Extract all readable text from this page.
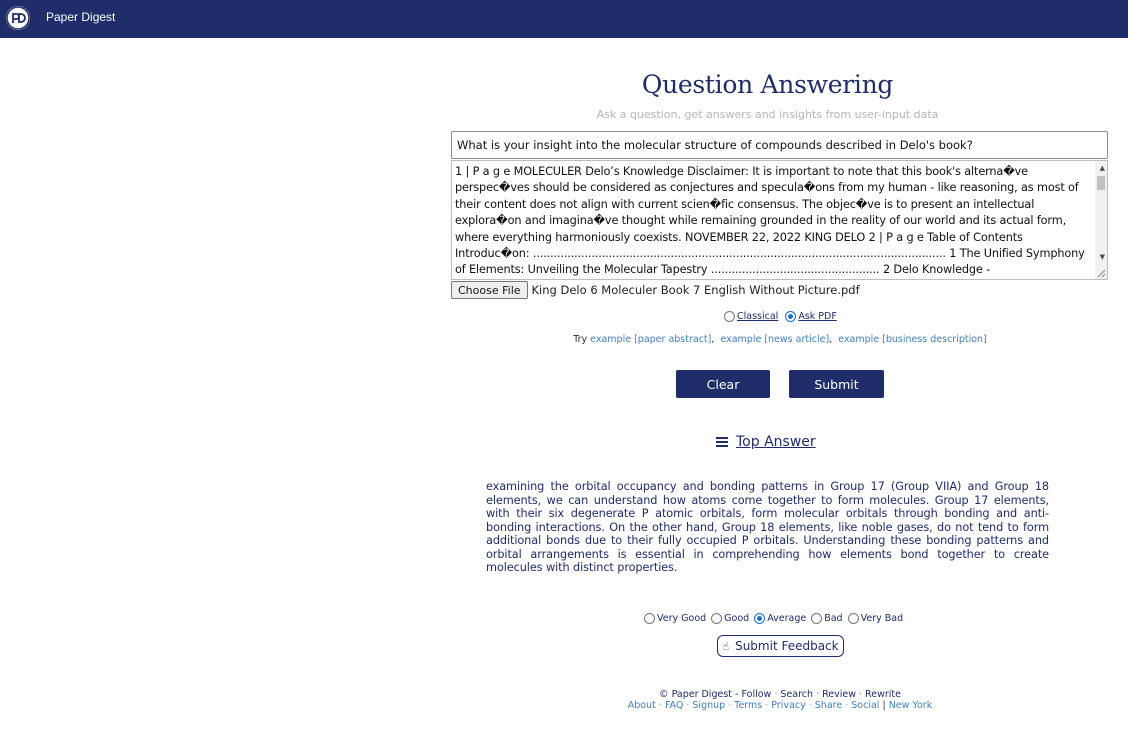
Paper Digest
Question Answering
Ask a question, get answers and insights from user-input data
What is your insight into the molecular structure of compounds described in Delo's book?
1 | P a g e MOLECULER Delo’s Knowledge Disclaimer: It is important to note that this book's alterna�ve perspec�ves should be considered as conjectures and specula�ons from my human - like reasoning, as most of their content does not align with current scien�fic consensus. The objec�ve is to present an intellectual explora�on and imagina�ve thought while remaining grounded in the reality of our world and its actual form, where everything harmoniously coexists. NOVEMBER 22, 2022 KING DELO 2 | P a g e Table of Contents Introduc�on: ........................................................................................................................ 1 The Unified Symphony of Elements: Unveiling the Molecular Tapestry ................................................. 2 Delo Knowledge -
▲
▼
Choose File King Delo 6 Moleculer Book 7 English Without Picture.pdf
Classical Ask PDF
Try example [paper abstract],  example [news article],  example [business description]
Clear	Submit
Top Answer
examining the orbital occupancy and bonding patterns in Group 17 (Group VIIA) and Group 18 elements, we can understand how atoms come together to form molecules. Group 17 elements, with their six degenerate P atomic orbitals, form molecular orbitals through bonding and anti-bonding interactions. On the other hand, Group 18 elements, like noble gases, do not tend to form additional bonds due to their fully occupied P orbitals. Understanding these bonding patterns and orbital arrangements is essential in comprehending how elements bond together to create molecules with distinct properties.
Very Good Good Average Bad Very Bad
☝ Submit Feedback
© Paper Digest - Follow · Search · Review · Rewrite
About · FAQ · Signup · Terms · Privacy · Share · Social | New York
